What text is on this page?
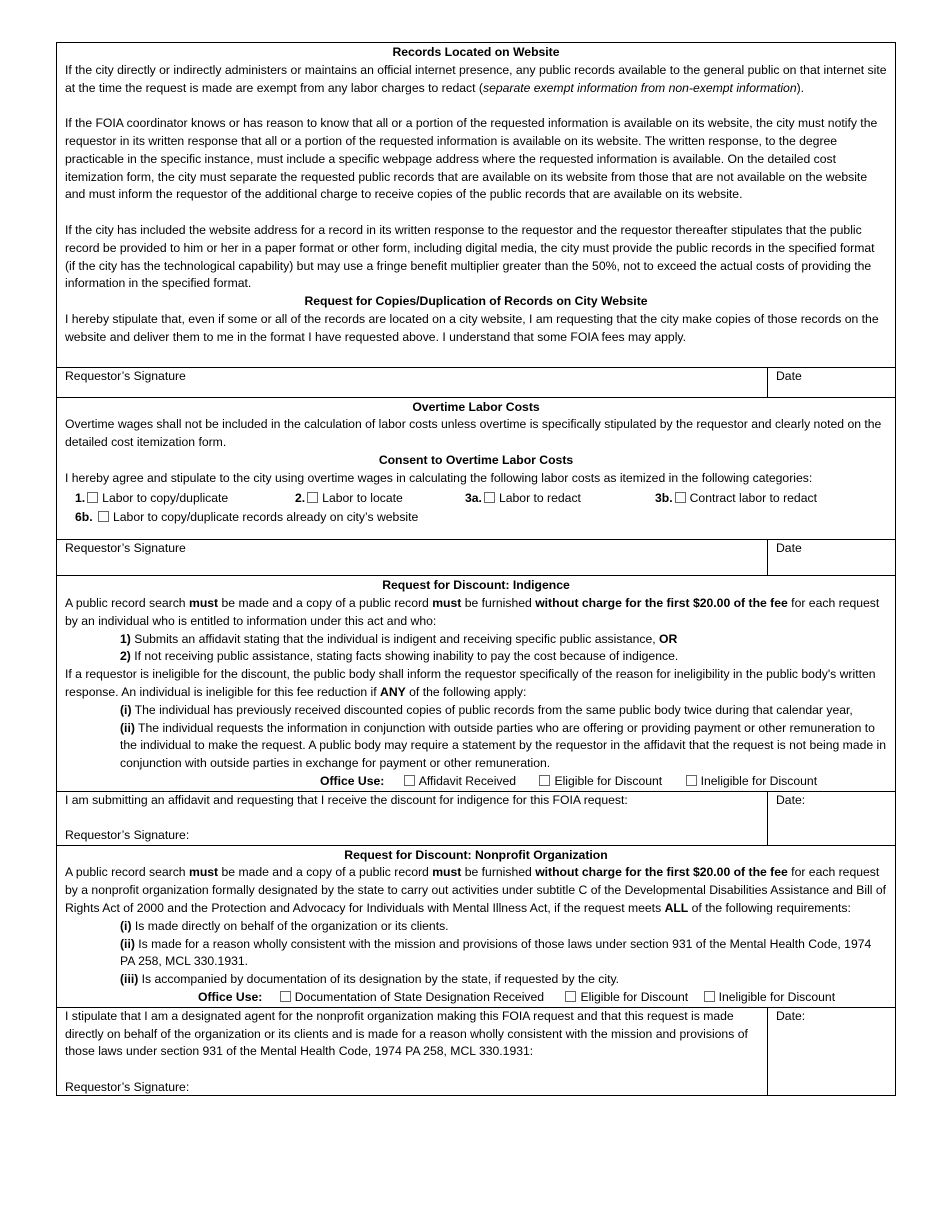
Records Located on Website
If the city directly or indirectly administers or maintains an official internet presence, any public records available to the general public on that internet site at the time the request is made are exempt from any labor charges to redact (separate exempt information from non-exempt information).
If the FOIA coordinator knows or has reason to know that all or a portion of the requested information is available on its website, the city must notify the requestor in its written response that all or a portion of the requested information is available on its website. The written response, to the degree practicable in the specific instance, must include a specific webpage address where the requested information is available. On the detailed cost itemization form, the city must separate the requested public records that are available on its website from those that are not available on the website and must inform the requestor of the additional charge to receive copies of the public records that are available on its website.
If the city has included the website address for a record in its written response to the requestor and the requestor thereafter stipulates that the public record be provided to him or her in a paper format or other form, including digital media, the city must provide the public records in the specified format (if the city has the technological capability) but may use a fringe benefit multiplier greater than the 50%, not to exceed the actual costs of providing the information in the specified format.
Request for Copies/Duplication of Records on City Website
I hereby stipulate that, even if some or all of the records are located on a city website, I am requesting that the city make copies of those records on the website and deliver them to me in the format I have requested above. I understand that some FOIA fees may apply.
Requestor’s Signature	Date
Overtime Labor Costs
Overtime wages shall not be included in the calculation of labor costs unless overtime is specifically stipulated by the requestor and clearly noted on the detailed cost itemization form.
Consent to Overtime Labor Costs
I hereby agree and stipulate to the city using overtime wages in calculating the following labor costs as itemized in the following categories:
1. Labor to copy/duplicate	2. Labor to locate	3a. Labor to redact	3b. Contract labor to redact
6b. Labor to copy/duplicate records already on city’s website
Requestor’s Signature	Date
Request for Discount: Indigence
A public record search must be made and a copy of a public record must be furnished without charge for the first $20.00 of the fee for each request by an individual who is entitled to information under this act and who:
1) Submits an affidavit stating that the individual is indigent and receiving specific public assistance, OR
2) If not receiving public assistance, stating facts showing inability to pay the cost because of indigence.
If a requestor is ineligible for the discount, the public body shall inform the requestor specifically of the reason for ineligibility in the public body's written response. An individual is ineligible for this fee reduction if ANY of the following apply:
(i) The individual has previously received discounted copies of public records from the same public body twice during that calendar year,
(ii) The individual requests the information in conjunction with outside parties who are offering or providing payment or other remuneration to the individual to make the request. A public body may require a statement by the requestor in the affidavit that the request is not being made in conjunction with outside parties in exchange for payment or other remuneration.
Office Use:	Affidavit Received	Eligible for Discount	Ineligible for Discount
I am submitting an affidavit and requesting that I receive the discount for indigence for this FOIA request:
Requestor’s Signature:
Date:
Request for Discount: Nonprofit Organization
A public record search must be made and a copy of a public record must be furnished without charge for the first $20.00 of the fee for each request by a nonprofit organization formally designated by the state to carry out activities under subtitle C of the Developmental Disabilities Assistance and Bill of Rights Act of 2000 and the Protection and Advocacy for Individuals with Mental Illness Act, if the request meets ALL of the following requirements:
(i) Is made directly on behalf of the organization or its clients.
(ii) Is made for a reason wholly consistent with the mission and provisions of those laws under section 931 of the Mental Health Code, 1974 PA 258, MCL 330.1931.
(iii) Is accompanied by documentation of its designation by the state, if requested by the city.
Office Use:	Documentation of State Designation Received	Eligible for Discount Ineligible for Discount
I stipulate that I am a designated agent for the nonprofit organization making this FOIA request and that this request is made directly on behalf of the organization or its clients and is made for a reason wholly consistent with the mission and provisions of those laws under section 931 of the Mental Health Code, 1974 PA 258, MCL 330.1931:
Requestor’s Signature:
Date:
